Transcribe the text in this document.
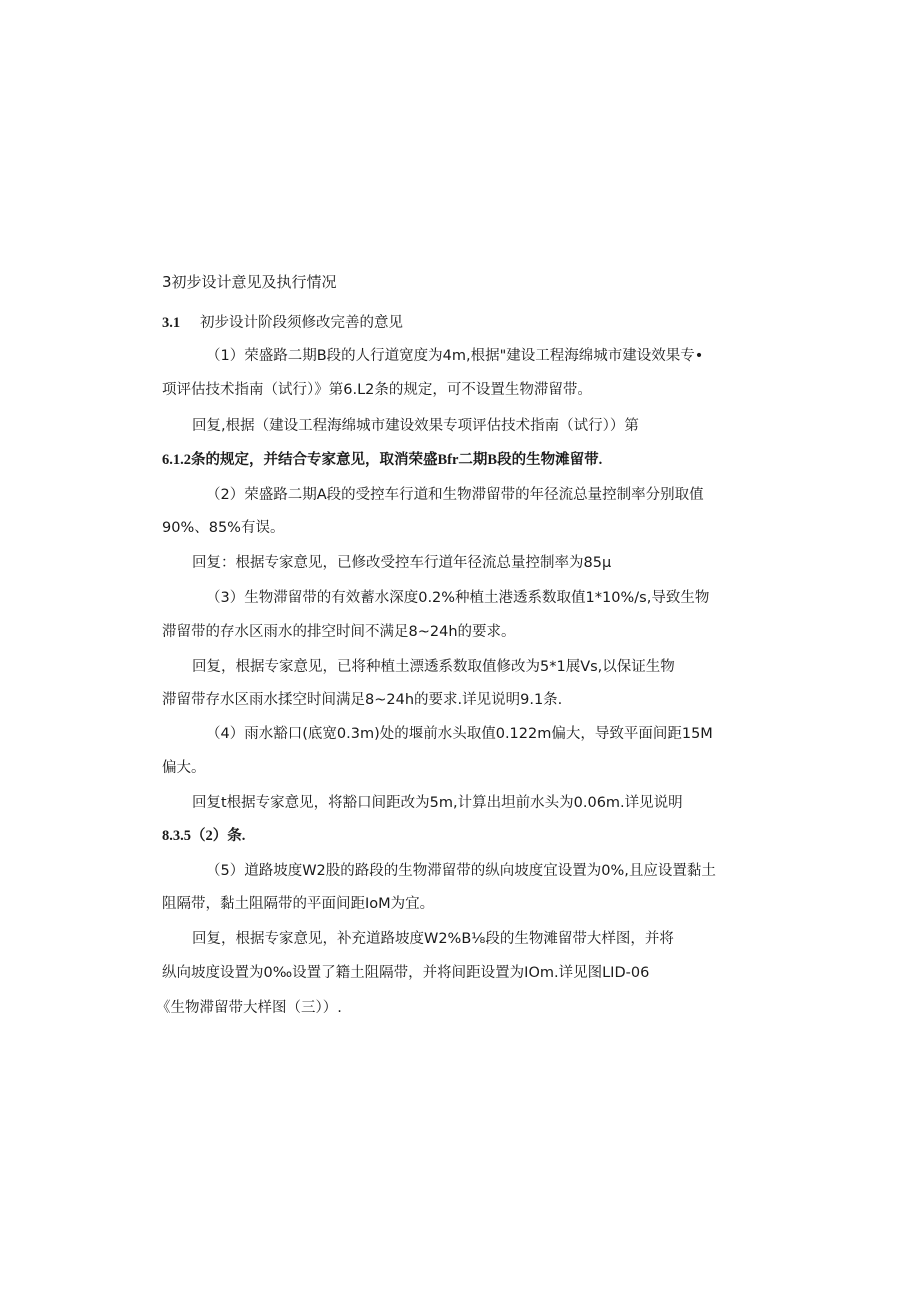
3初步设计意见及执行情况
3.1 初步设计阶段须修改完善的意见
（1）荣盛路二期B段的人行道宽度为4m,根据"建设工程海绵城市建设效果专•
项评估技术指南（试行）》第6.L2条的规定，可不设置生物滞留带。
回复,根据（建设工程海绵城市建设效果专项评估技术指南（试行））第
6.1.2条的规定，并结合专家意见，取消荣盛Bfr二期B段的生物滩留带.
（2）荣盛路二期A段的受控车行道和生物滞留带的年径流总量控制率分别取值
90%、85%有误。
回复：根据专家意见，已修改受控车行道年径流总量控制率为85µ
（3）生物滞留带的有效蓄水深度0.2%种植土港透系数取值1*10%/s,导致生物
滞留带的存水区雨水的排空时间不满足8~24h的要求。
回复，根据专家意见，已将种植土漂透系数取值修改为5*1展Vs,以保证生物
滞留带存水区雨水揉空时间满足8~24h的要求.详见说明9.1条.
（4）雨水豁口(底宽0.3m)处的堰前水头取值0.122m偏大，导致平面间距15M
偏大。
回复t根据专家意见，将豁口间距改为5m,计算出坦前水头为0.06m.详见说明
8.3.5（2）条.
（5）道路坡度W2股的路段的生物滞留带的纵向坡度宜设置为0%,且应设置黏土
阻隔带，黏土阻隔带的平面间距IoM为宜。
回复，根据专家意见，补充道路坡度W2%B⅛段的生物滩留带大样图，并将
纵向坡度设置为0‰设置了籍土阻隔带，并将间距设置为IOm.详见图LID-06
《生物滞留带大样图（三））.
